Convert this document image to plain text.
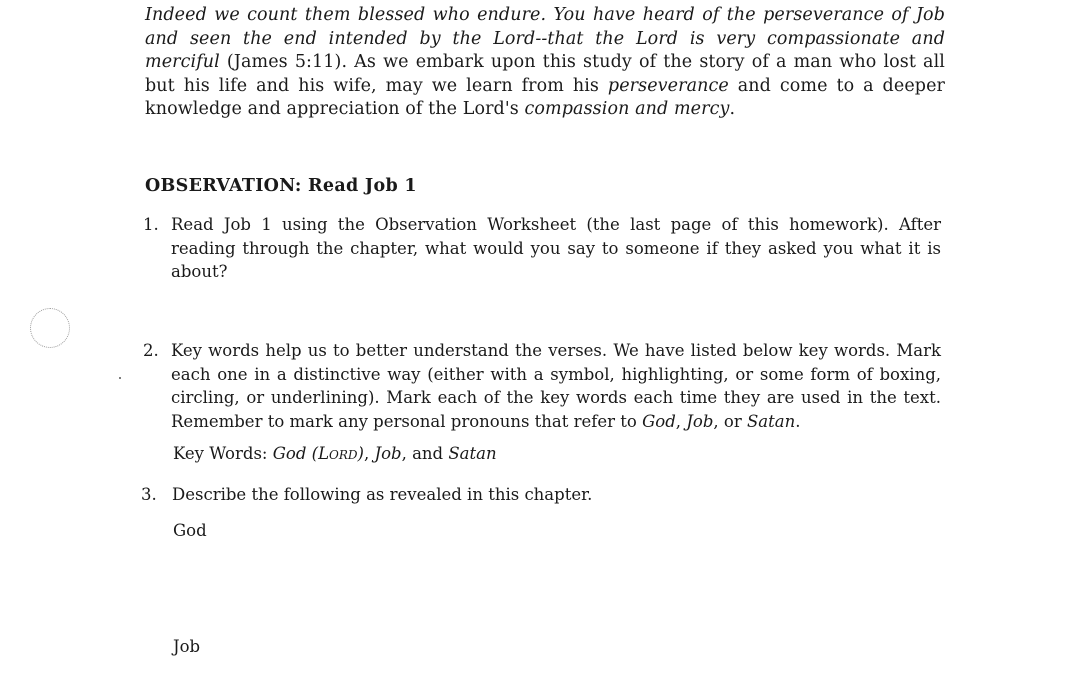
Indeed we count them blessed who endure. You have heard of the perseverance of Job and seen the end intended by the Lord--that the Lord is very compassionate and merciful (James 5:11). As we embark upon this study of the story of a man who lost all but his life and his wife, may we learn from his perseverance and come to a deeper knowledge and appreciation of the Lord's compassion and mercy.

OBSERVATION: Read Job 1
1. Read Job 1 using the Observation Worksheet (the last page of this homework). After reading through the chapter, what would you say to someone if they asked you what it is about?
2. Key words help us to better understand the verses. We have listed below key words. Mark each one in a distinctive way (either with a symbol, highlighting, or some form of boxing, circling, or underlining). Mark each of the key words each time they are used in the text. Remember to mark any personal pronouns that refer to God, Job, or Satan.
Key Words: God (Lord), Job, and Satan
3. Describe the following as revealed in this chapter.
God
Job
